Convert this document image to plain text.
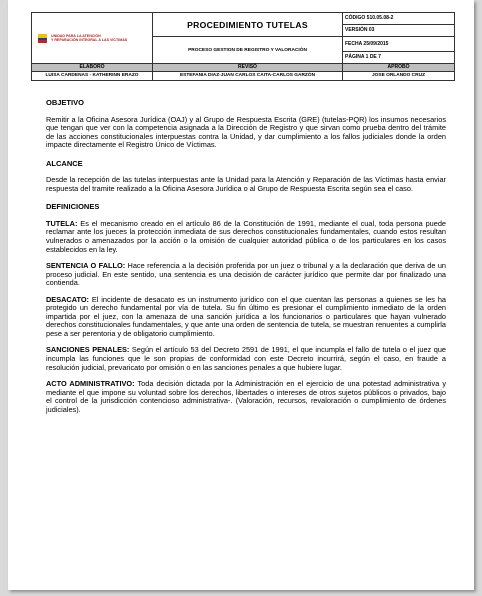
UNIDAD PARA LA ATENCIÓN
Y REPARACIÓN INTEGRAL A LAS VÍCTIMAS	PROCEDIMIENTO TUTELAS	CÓDIGO 510.05.08-2
		VERSIÓN 03

	PROCESO GESTION DE REGISTRO Y VALORACIÓN	FECHA 25/09/2015
		PÁGINA 1 DE 7
ELABORÓ	REVISÓ	APROBÓ
LUISA CARDENAS - KATHERINN ERAZO	ESTEFANIA DIAZ-JUAN CARLOS CAITA-CARLOS GARZÓN	JOSE ORLANDO CRUZ

OBJETIVO

Remitir a la Oficina Asesora Jurídica (OAJ) y al Grupo de Respuesta Escrita (GRE) (tutelas-PQR) los insumos necesarios que tengan que ver con la competencia asignada a la Dirección de Registro y que sirvan como prueba dentro del trámite de las acciones constitucionales interpuestas contra la Unidad, y dar cumplimiento a los fallos judiciales donde la orden impacte directamente el Registro Único de Víctimas.

ALCANCE

Desde la recepción de las tutelas interpuestas ante la Unidad para la Atención y Reparación de las Víctimas hasta enviar respuesta del tramite realizado a la Oficina Asesora Jurídica o al Grupo de Respuesta Escrita según sea el caso.

DEFINICIONES

TUTELA: Es el mecanismo creado en el artículo 86 de la Constitución de 1991, mediante el cual, toda persona puede reclamar ante los jueces la protección inmediata de sus derechos constitucionales fundamentales, cuando estos resultan vulnerados o amenazados por la acción o la omisión de cualquier autoridad pública o de los particulares en los casos establecidos en la ley.

SENTENCIA O FALLO: Hace referencia a la decisión proferida por un juez o tribunal y a la declaración que deriva de un proceso judicial. En este sentido, una sentencia es una decisión de carácter jurídico que permite dar por finalizado una contienda.

DESACATO: El incidente de desacato es un instrumento jurídico con el que cuentan las personas a quienes se les ha protegido un derecho fundamental por vía de tutela. Su fin último es presionar el cumplimiento inmediato de la orden impartida por el juez, con la amenaza de una sanción jurídica a los funcionarios o particulares que hayan vulnerado derechos constitucionales fundamentales, y que ante una orden de sentencia de tutela, se muestran renuentes a cumplirla pese a ser perentoria y de obligatorio cumplimiento.

SANCIONES PENALES: Según el artículo 53 del Decreto 2591 de 1991, el que incumpla el fallo de tutela o el juez que incumpla las funciones que le son propias de conformidad con este Decreto incurrirá, según el caso, en fraude a resolución judicial, prevaricato por omisión o en las sanciones penales a que hubiere lugar.

ACTO ADMINISTRATIVO: Toda decisión dictada por la Administración en el ejercicio de una potestad administrativa y mediante el que impone su voluntad sobre los derechos, libertades o intereses de otros sujetos públicos o privados, bajo el control de la jurisdicción contencioso administrativa-. (Valoración, recursos, revaloración o cumplimiento de órdenes judiciales).
